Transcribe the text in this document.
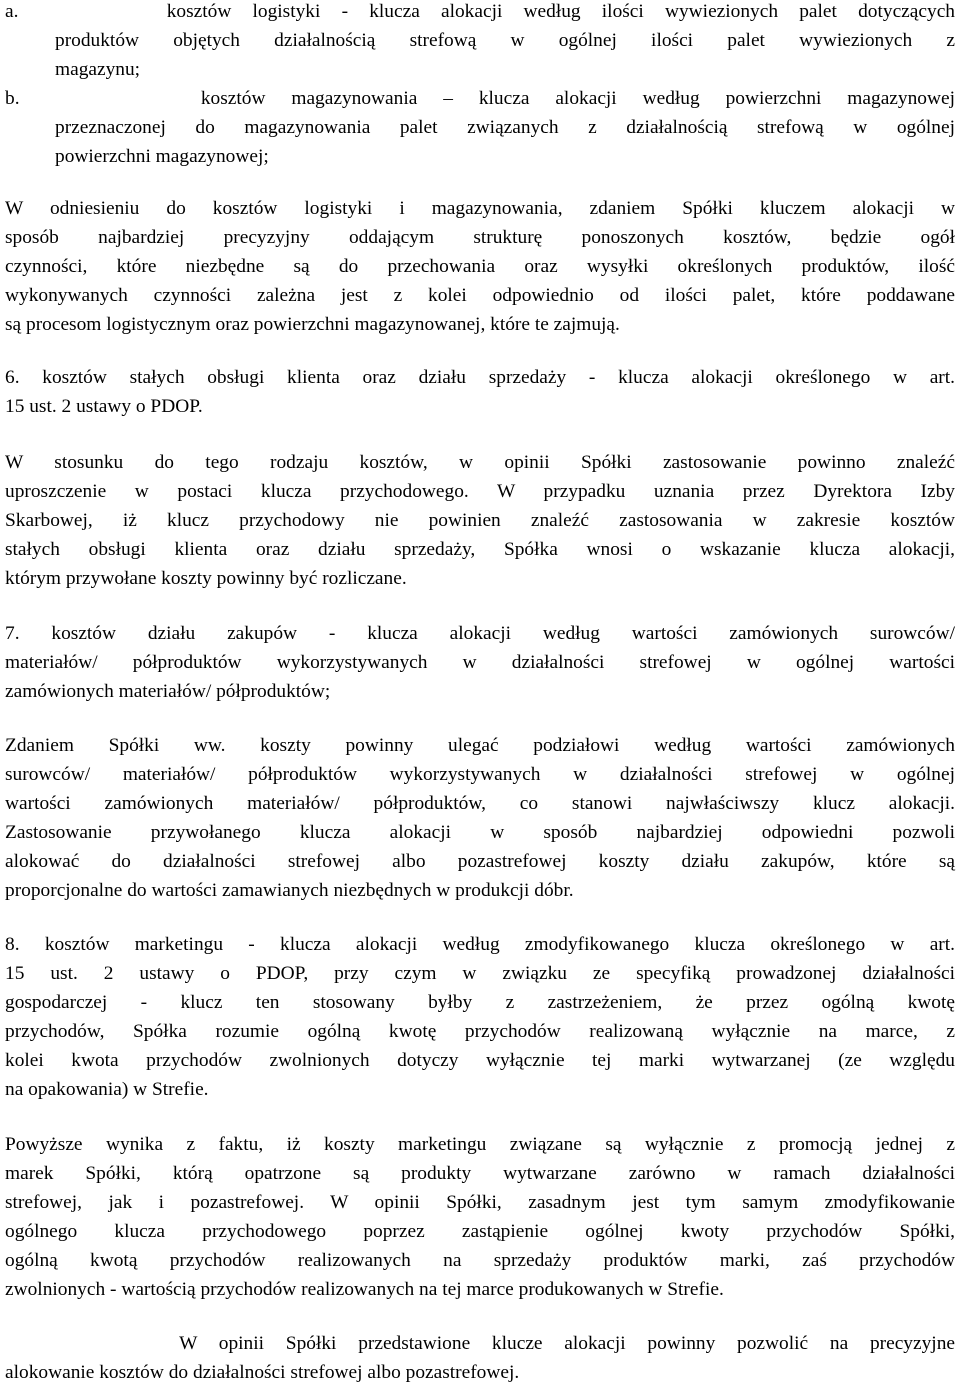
a.       kosztów logistyki - klucza alokacji według ilości wywiezionych palet dotyczących

produktów objętych działalnością strefową w ogólnej ilości palet wywiezionych z

magazynu;

b.       kosztów magazynowania – klucza alokacji według powierzchni magazynowej

przeznaczonej do magazynowania palet związanych z działalnością strefową w ogólnej

powierzchni magazynowej;

W odniesieniu do kosztów logistyki i magazynowania, zdaniem Spółki kluczem alokacji w

sposób najbardziej precyzyjny oddającym strukturę ponoszonych kosztów, będzie ogół

czynności, które niezbędne są do przechowania oraz wysyłki określonych produktów, ilość

wykonywanych czynności zależna jest z kolei odpowiednio od ilości palet, które poddawane

są procesom logistycznym oraz powierzchni magazynowanej, które te zajmują.

6. kosztów stałych obsługi klienta oraz działu sprzedaży - klucza alokacji określonego w art.

15 ust. 2 ustawy o PDOP.

W stosunku do tego rodzaju kosztów, w opinii Spółki zastosowanie powinno znaleźć

uproszczenie w postaci klucza przychodowego. W przypadku uznania przez Dyrektora Izby

Skarbowej, iż klucz przychodowy nie powinien znaleźć zastosowania w zakresie kosztów

stałych obsługi klienta oraz działu sprzedaży, Spółka wnosi o wskazanie klucza alokacji,

którym przywołane koszty powinny być rozliczane.

7. kosztów działu zakupów - klucza alokacji według wartości zamówionych surowców/

materiałów/ półproduktów wykorzystywanych w działalności strefowej w ogólnej wartości

zamówionych materiałów/ półproduktów;

Zdaniem Spółki ww. koszty powinny ulegać podziałowi według wartości zamówionych

surowców/ materiałów/ półproduktów wykorzystywanych w działalności strefowej w ogólnej

wartości zamówionych materiałów/ półproduktów, co stanowi najwłaściwszy klucz alokacji.

Zastosowanie przywołanego klucza alokacji w sposób najbardziej odpowiedni pozwoli

alokować do działalności strefowej albo pozastrefowej koszty działu zakupów, które są

proporcjonalne do wartości zamawianych niezbędnych w produkcji dóbr.

8. kosztów marketingu - klucza alokacji według zmodyfikowanego klucza określonego w art.

15 ust. 2 ustawy o PDOP, przy czym w związku ze specyfiką prowadzonej działalności

gospodarczej - klucz ten stosowany byłby z zastrzeżeniem, że przez ogólną kwotę

przychodów, Spółka rozumie ogólną kwotę przychodów realizowaną wyłącznie na marce, z

kolei kwota przychodów zwolnionych dotyczy wyłącznie tej marki wytwarzanej (ze względu

na opakowania) w Strefie.

Powyższe wynika z faktu, iż koszty marketingu związane są wyłącznie z promocją jednej z

marek Spółki, którą opatrzone są produkty wytwarzane zarówno w ramach działalności

strefowej, jak i pozastrefowej. W opinii Spółki, zasadnym jest tym samym zmodyfikowanie

ogólnego klucza przychodowego poprzez zastąpienie ogólnej kwoty przychodów Spółki,

ogólną kwotą przychodów realizowanych na sprzedaży produktów marki, zaś przychodów

zwolnionych - wartością przychodów realizowanych na tej marce produkowanych w Strefie.

W opinii Spółki przedstawione klucze alokacji powinny pozwolić na precyzyjne

alokowanie kosztów do działalności strefowej albo pozastrefowej.
